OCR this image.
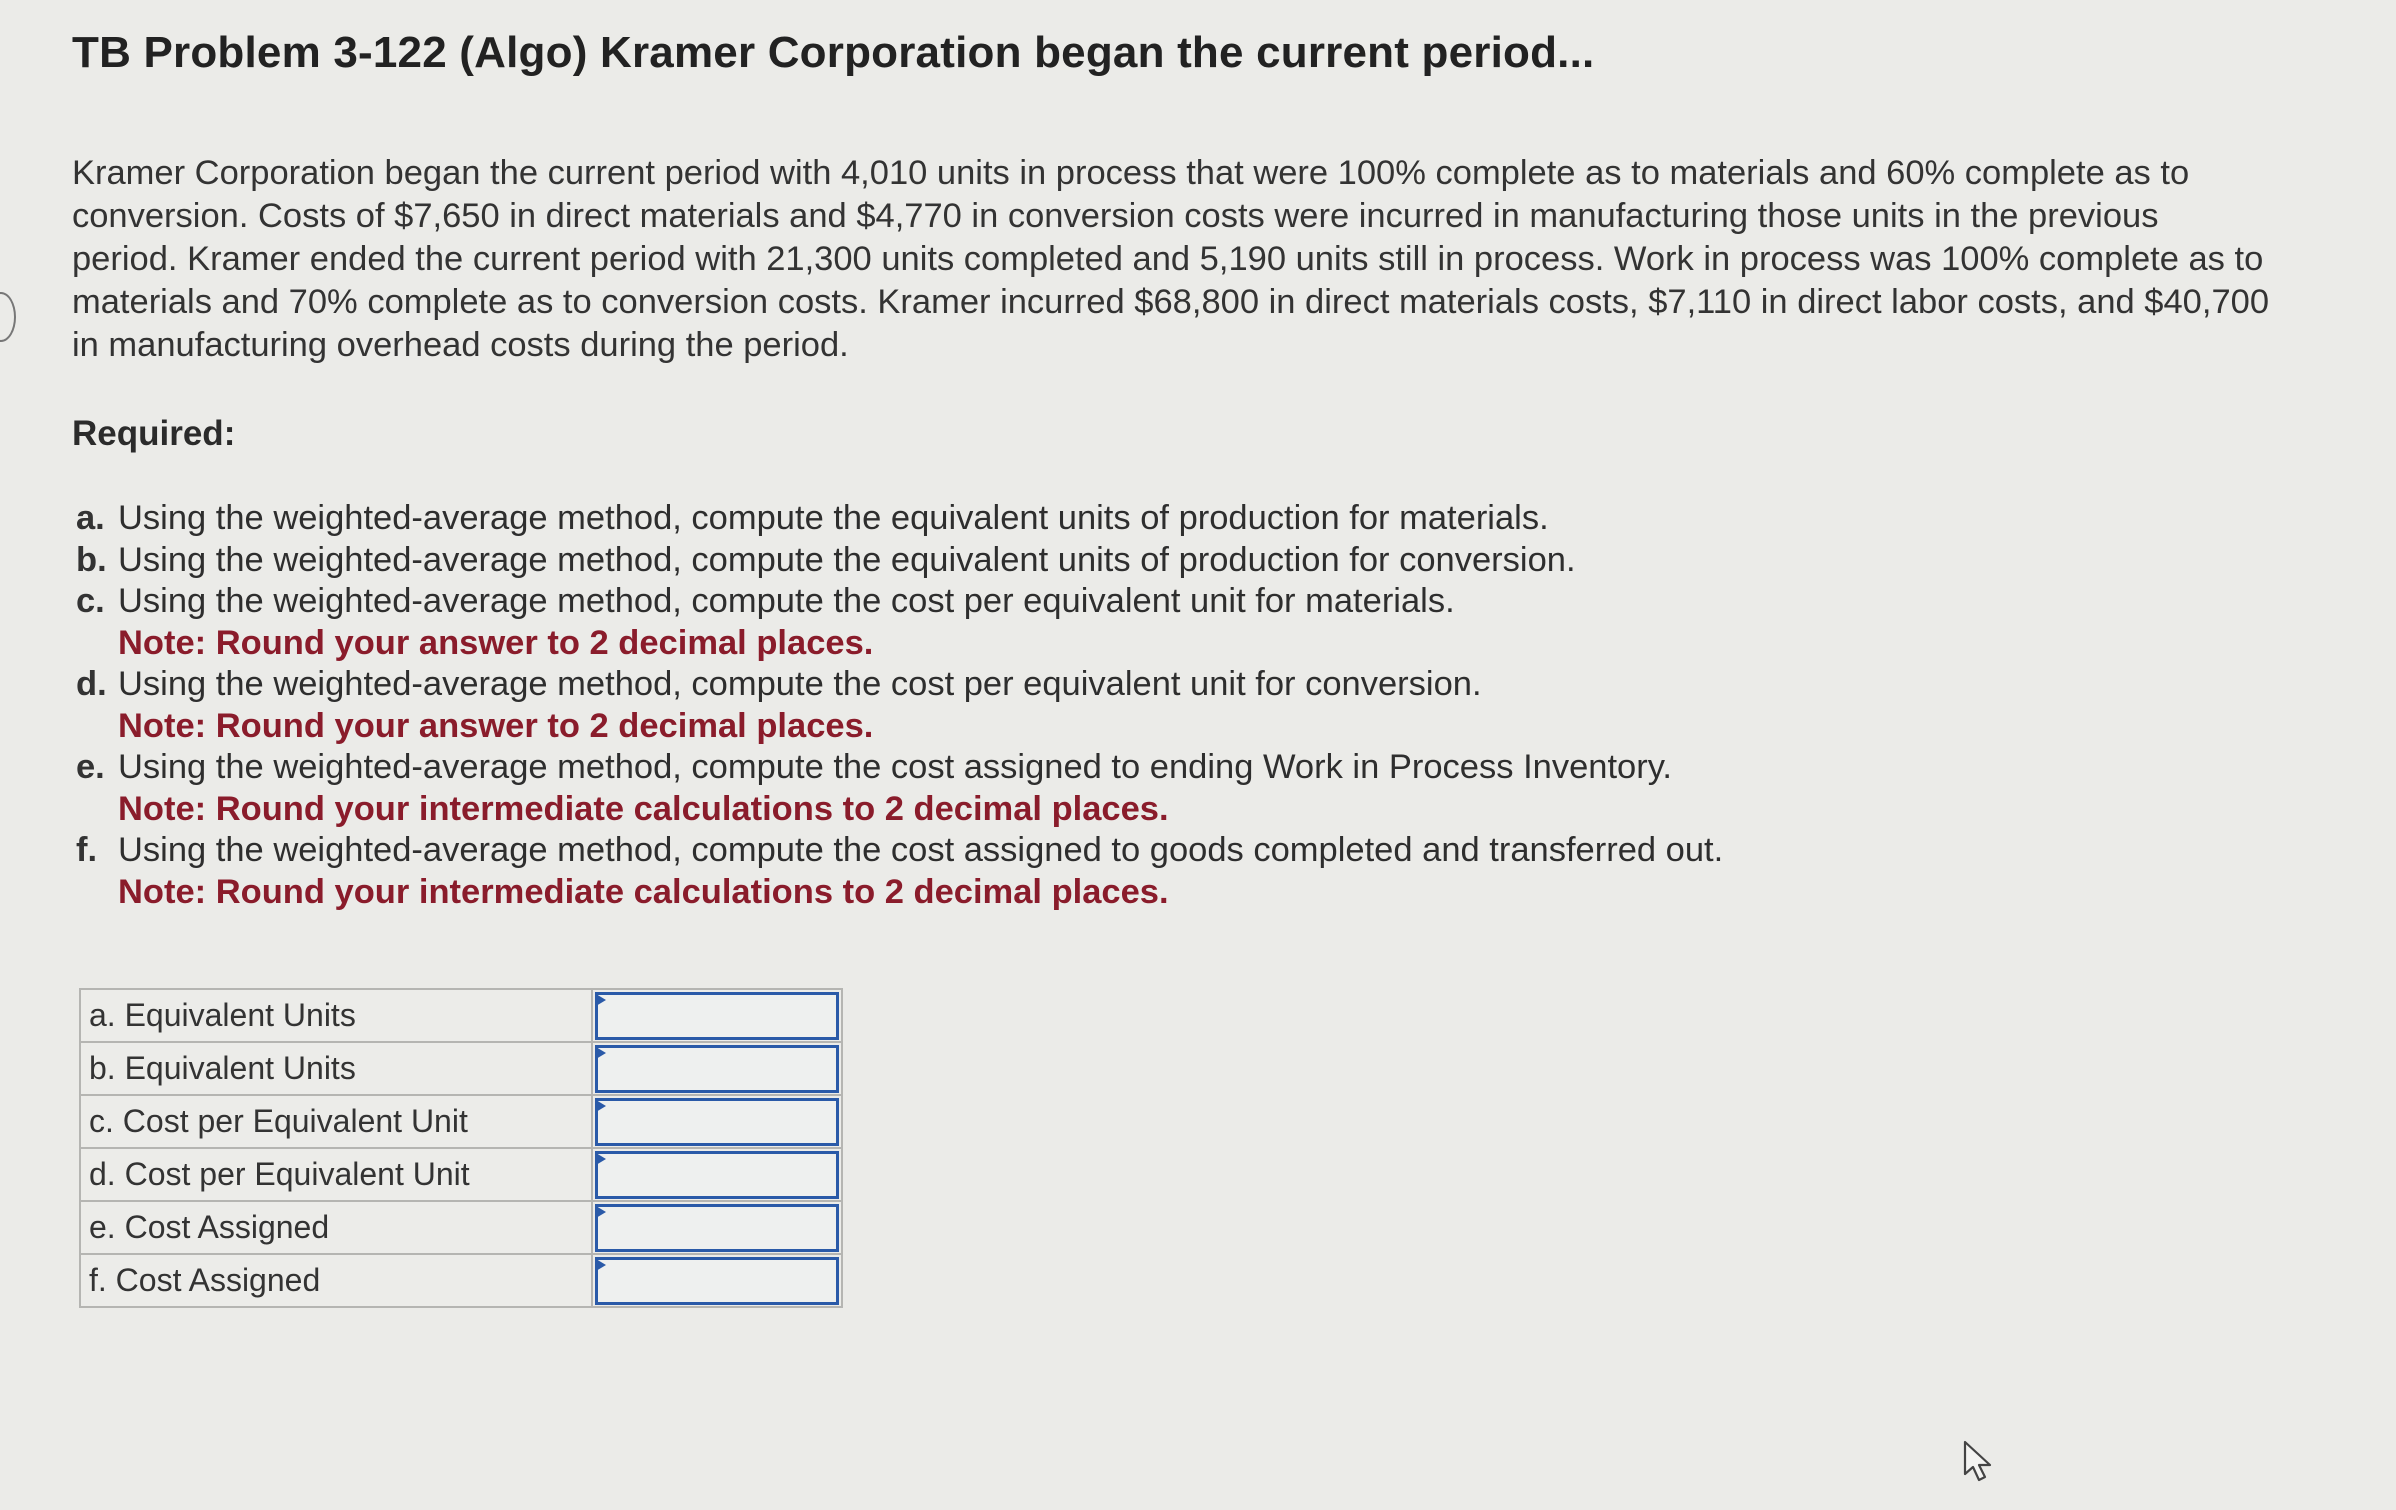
TB Problem 3-122 (Algo) Kramer Corporation began the current period...
Kramer Corporation began the current period with 4,010 units in process that were 100% complete as to materials and 60% complete as to conversion. Costs of $7,650 in direct materials and $4,770 in conversion costs were incurred in manufacturing those units in the previous period. Kramer ended the current period with 21,300 units completed and 5,190 units still in process. Work in process was 100% complete as to materials and 70% complete as to conversion costs. Kramer incurred $68,800 in direct materials costs, $7,110 in direct labor costs, and $40,700 in manufacturing overhead costs during the period.
Required:
a. Using the weighted-average method, compute the equivalent units of production for materials.
b. Using the weighted-average method, compute the equivalent units of production for conversion.
c. Using the weighted-average method, compute the cost per equivalent unit for materials.
Note: Round your answer to 2 decimal places.
d. Using the weighted-average method, compute the cost per equivalent unit for conversion.
Note: Round your answer to 2 decimal places.
e. Using the weighted-average method, compute the cost assigned to ending Work in Process Inventory.
Note: Round your intermediate calculations to 2 decimal places.
f. Using the weighted-average method, compute the cost assigned to goods completed and transferred out.
Note: Round your intermediate calculations to 2 decimal places.
a. Equivalent Units	

b. Equivalent Units	

c. Cost per Equivalent Unit	

d. Cost per Equivalent Unit	

e. Cost Assigned	

f. Cost Assigned	
